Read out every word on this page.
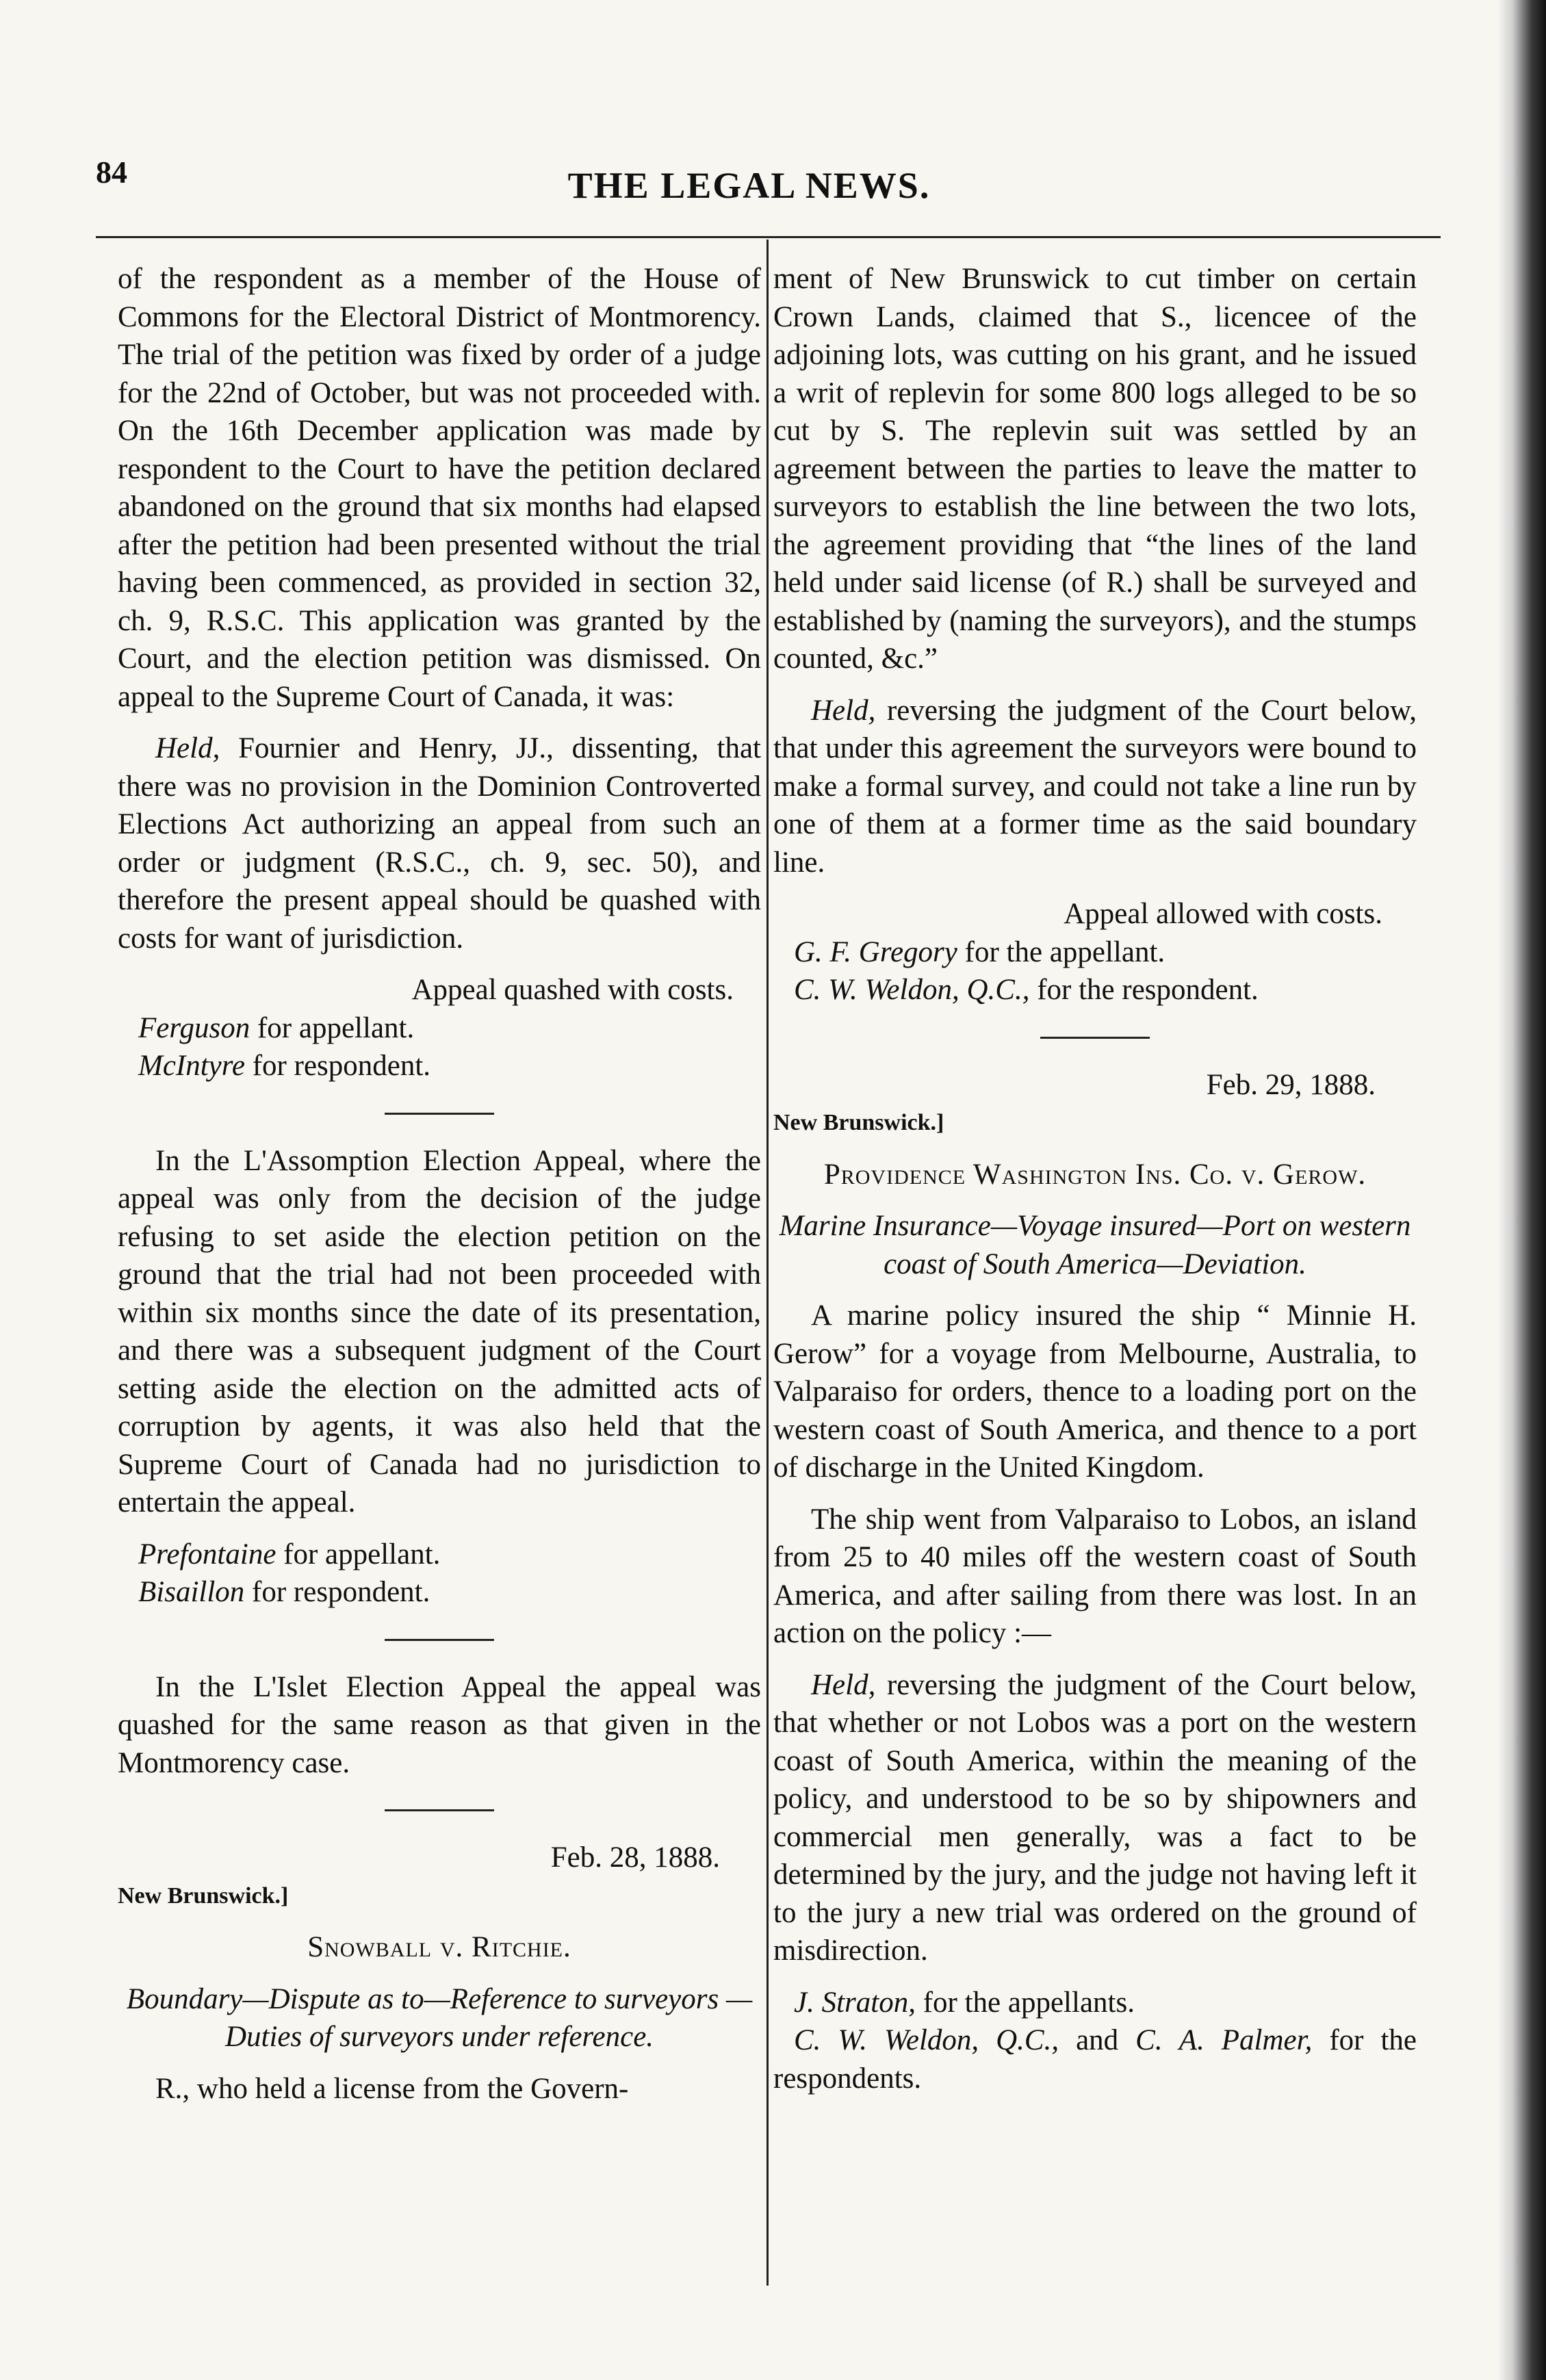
84	THE LEGAL NEWS.

of the respondent as a member of the House of Commons for the Electoral District of Montmorency. The trial of the petition was fixed by order of a judge for the 22nd of October, but was not proceeded with. On the 16th December application was made by respondent to the Court to have the petition declared abandoned on the ground that six months had elapsed after the petition had been presented without the trial having been commenced, as provided in section 32, ch. 9, R.S.C. This application was granted by the Court, and the election petition was dismissed. On appeal to the Supreme Court of Canada, it was:

Held, Fournier and Henry, JJ., dissenting, that there was no provision in the Dominion Controverted Elections Act authorizing an appeal from such an order or judgment (R.S.C., ch. 9, sec. 50), and therefore the present appeal should be quashed with costs for want of jurisdiction.

Appeal quashed with costs.

Ferguson for appellant.

McIntyre for respondent.

In the L'Assomption Election Appeal, where the appeal was only from the decision of the judge refusing to set aside the election petition on the ground that the trial had not been proceeded with within six months since the date of its presentation, and there was a subsequent judgment of the Court setting aside the election on the admitted acts of corruption by agents, it was also held that the Supreme Court of Canada had no jurisdiction to entertain the appeal.

Prefontaine for appellant.

Bisaillon for respondent.

In the L'Islet Election Appeal the appeal was quashed for the same reason as that given in the Montmorency case.

Feb. 28, 1888.

New Brunswick.]

Snowball v. Ritchie.

Boundary—Dispute as to—Reference to surveyors —Duties of surveyors under reference.

R., who held a license from the Govern-

ment of New Brunswick to cut timber on certain Crown Lands, claimed that S., licencee of the adjoining lots, was cutting on his grant, and he issued a writ of replevin for some 800 logs alleged to be so cut by S. The replevin suit was settled by an agreement between the parties to leave the matter to surveyors to establish the line between the two lots, the agreement providing that “the lines of the land held under said license (of R.) shall be surveyed and established by (naming the surveyors), and the stumps counted, &c.”

Held, reversing the judgment of the Court below, that under this agreement the surveyors were bound to make a formal survey, and could not take a line run by one of them at a former time as the said boundary line.

Appeal allowed with costs.

G. F. Gregory for the appellant.

C. W. Weldon, Q.C., for the respondent.

Feb. 29, 1888.

New Brunswick.]

Providence Washington Ins. Co. v. Gerow.

Marine Insurance—Voyage insured—Port on western coast of South America—Deviation.

A marine policy insured the ship “ Minnie H. Gerow” for a voyage from Melbourne, Australia, to Valparaiso for orders, thence to a loading port on the western coast of South America, and thence to a port of discharge in the United Kingdom.

The ship went from Valparaiso to Lobos, an island from 25 to 40 miles off the western coast of South America, and after sailing from there was lost. In an action on the policy :—

Held, reversing the judgment of the Court below, that whether or not Lobos was a port on the western coast of South America, within the meaning of the policy, and understood to be so by shipowners and commercial men generally, was a fact to be determined by the jury, and the judge not having left it to the jury a new trial was ordered on the ground of misdirection.

J. Straton, for the appellants.

C. W. Weldon, Q.C., and C. A. Palmer, for the respondents.
